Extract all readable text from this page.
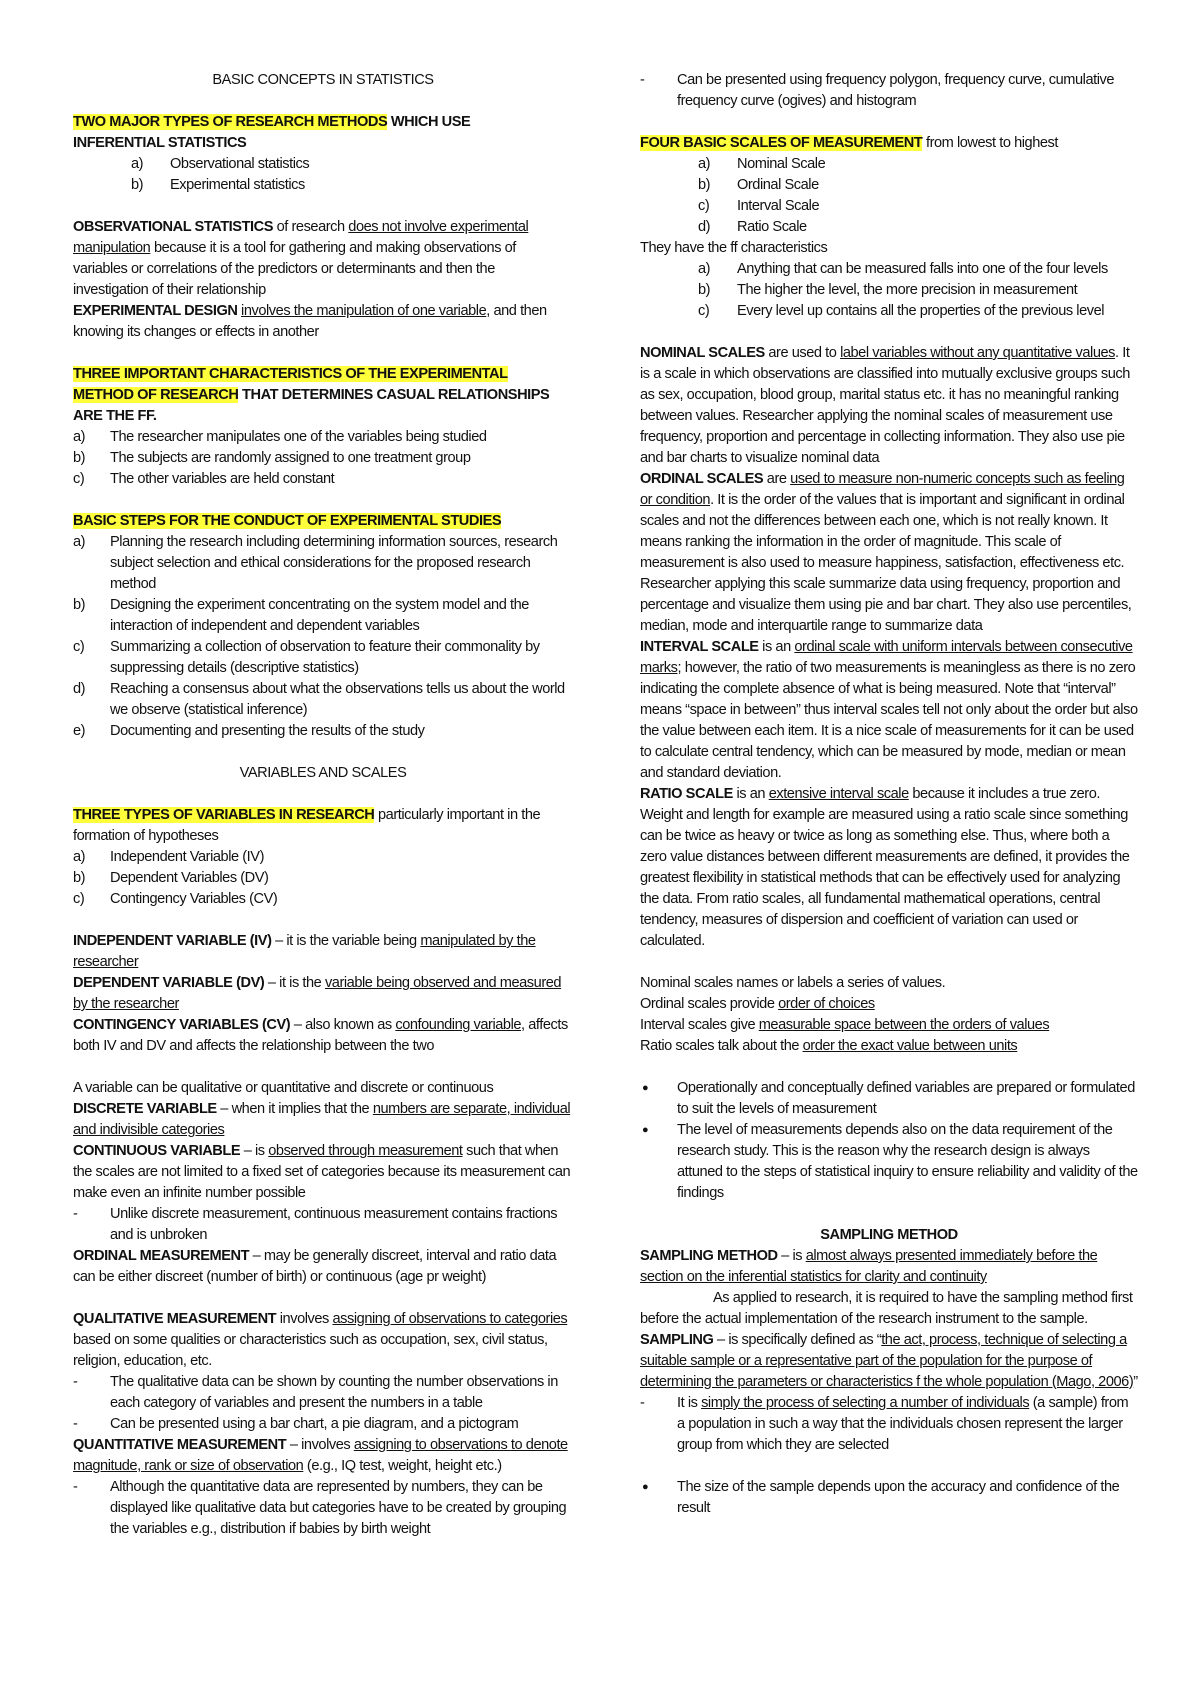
BASIC CONCEPTS IN STATISTICS

TWO MAJOR TYPES OF RESEARCH METHODS WHICH USE
INFERENTIAL STATISTICS

a) Observational statistics
b) Experimental statistics

OBSERVATIONAL STATISTICS of research does not involve experimental manipulation because it is a tool for gathering and making observations of variables or correlations of the predictors or determinants and then the investigation of their relationship

EXPERIMENTAL DESIGN involves the manipulation of one variable, and then knowing its changes or effects in another

THREE IMPORTANT CHARACTERISTICS OF THE EXPERIMENTAL
METHOD OF RESEARCH THAT DETERMINES CASUAL RELATIONSHIPS ARE THE FF.

a) The researcher manipulates one of the variables being studied
b) The subjects are randomly assigned to one treatment group
c) The other variables are held constant

BASIC STEPS FOR THE CONDUCT OF EXPERIMENTAL STUDIES

a) Planning the research including determining information sources, research subject selection and ethical considerations for the proposed research method
b) Designing the experiment concentrating on the system model and the interaction of independent and dependent variables
c) Summarizing a collection of observation to feature their commonality by suppressing details (descriptive statistics)
d) Reaching a consensus about what the observations tells us about the world we observe (statistical inference)
e) Documenting and presenting the results of the study

VARIABLES AND SCALES

THREE TYPES OF VARIABLES IN RESEARCH particularly important in the formation of hypotheses

a) Independent Variable (IV)
b) Dependent Variables (DV)
c) Contingency Variables (CV)

INDEPENDENT VARIABLE (IV) – it is the variable being manipulated by the researcher

DEPENDENT VARIABLE (DV) – it is the variable being observed and measured by the researcher

CONTINGENCY VARIABLES (CV) – also known as confounding variable, affects both IV and DV and affects the relationship between the two

A variable can be qualitative or quantitative and discrete or continuous

DISCRETE VARIABLE – when it implies that the numbers are separate, individual and indivisible categories

CONTINUOUS VARIABLE – is observed through measurement such that when the scales are not limited to a fixed set of categories because its measurement can make even an infinite number possible

- Unlike discrete measurement, continuous measurement contains fractions and is unbroken

ORDINAL MEASUREMENT – may be generally discreet, interval and ratio data can be either discreet (number of birth) or continuous (age pr weight)

QUALITATIVE MEASUREMENT involves assigning of observations to categories based on some qualities or characteristics such as occupation, sex, civil status, religion, education, etc.

- The qualitative data can be shown by counting the number observations in each category of variables and present the numbers in a table
- Can be presented using a bar chart, a pie diagram, and a pictogram

QUANTITATIVE MEASUREMENT – involves assigning to observations to denote magnitude, rank or size of observation (e.g., IQ test, weight, height etc.)

- Although the quantitative data are represented by numbers, they can be displayed like qualitative data but categories have to be created by grouping the variables e.g., distribution if babies by birth weight
- Can be presented using frequency polygon, frequency curve, cumulative frequency curve (ogives) and histogram

FOUR BASIC SCALES OF MEASUREMENT from lowest to highest

a) Nominal Scale
b) Ordinal Scale
c) Interval Scale
d) Ratio Scale

They have the ff characteristics

a) Anything that can be measured falls into one of the four levels
b) The higher the level, the more precision in measurement
c) Every level up contains all the properties of the previous level

NOMINAL SCALES are used to label variables without any quantitative values. It is a scale in which observations are classified into mutually exclusive groups such as sex, occupation, blood group, marital status etc. it has no meaningful ranking between values. Researcher applying the nominal scales of measurement use frequency, proportion and percentage in collecting information. They also use pie and bar charts to visualize nominal data

ORDINAL SCALES are used to measure non-numeric concepts such as feeling or condition. It is the order of the values that is important and significant in ordinal scales and not the differences between each one, which is not really known. It means ranking the information in the order of magnitude. This scale of measurement is also used to measure happiness, satisfaction, effectiveness etc. Researcher applying this scale summarize data using frequency, proportion and percentage and visualize them using pie and bar chart. They also use percentiles, median, mode and interquartile range to summarize data

INTERVAL SCALE is an ordinal scale with uniform intervals between consecutive marks; however, the ratio of two measurements is meaningless as there is no zero indicating the complete absence of what is being measured. Note that “interval” means “space in between” thus interval scales tell not only about the order but also the value between each item. It is a nice scale of measurements for it can be used to calculate central tendency, which can be measured by mode, median or mean and standard deviation.

RATIO SCALE is an extensive interval scale because it includes a true zero. Weight and length for example are measured using a ratio scale since something can be twice as heavy or twice as long as something else. Thus, where both a zero value distances between different measurements are defined, it provides the greatest flexibility in statistical methods that can be effectively used for analyzing the data. From ratio scales, all fundamental mathematical operations, central tendency, measures of dispersion and coefficient of variation can used or calculated.

Nominal scales names or labels a series of values.

Ordinal scales provide order of choices

Interval scales give measurable space between the orders of values

Ratio scales talk about the order the exact value between units

● Operationally and conceptually defined variables are prepared or formulated to suit the levels of measurement
● The level of measurements depends also on the data requirement of the research study. This is the reason why the research design is always attuned to the steps of statistical inquiry to ensure reliability and validity of the findings

SAMPLING METHOD

SAMPLING METHOD – is almost always presented immediately before the section on the inferential statistics for clarity and continuity

As applied to research, it is required to have the sampling method first before the actual implementation of the research instrument to the sample.

SAMPLING – is specifically defined as “the act, process, technique of selecting a suitable sample or a representative part of the population for the purpose of determining the parameters or characteristics f the whole population (Mago, 2006)”

- It is simply the process of selecting a number of individuals (a sample) from a population in such a way that the individuals chosen represent the larger group from which they are selected
● The size of the sample depends upon the accuracy and confidence of the result
